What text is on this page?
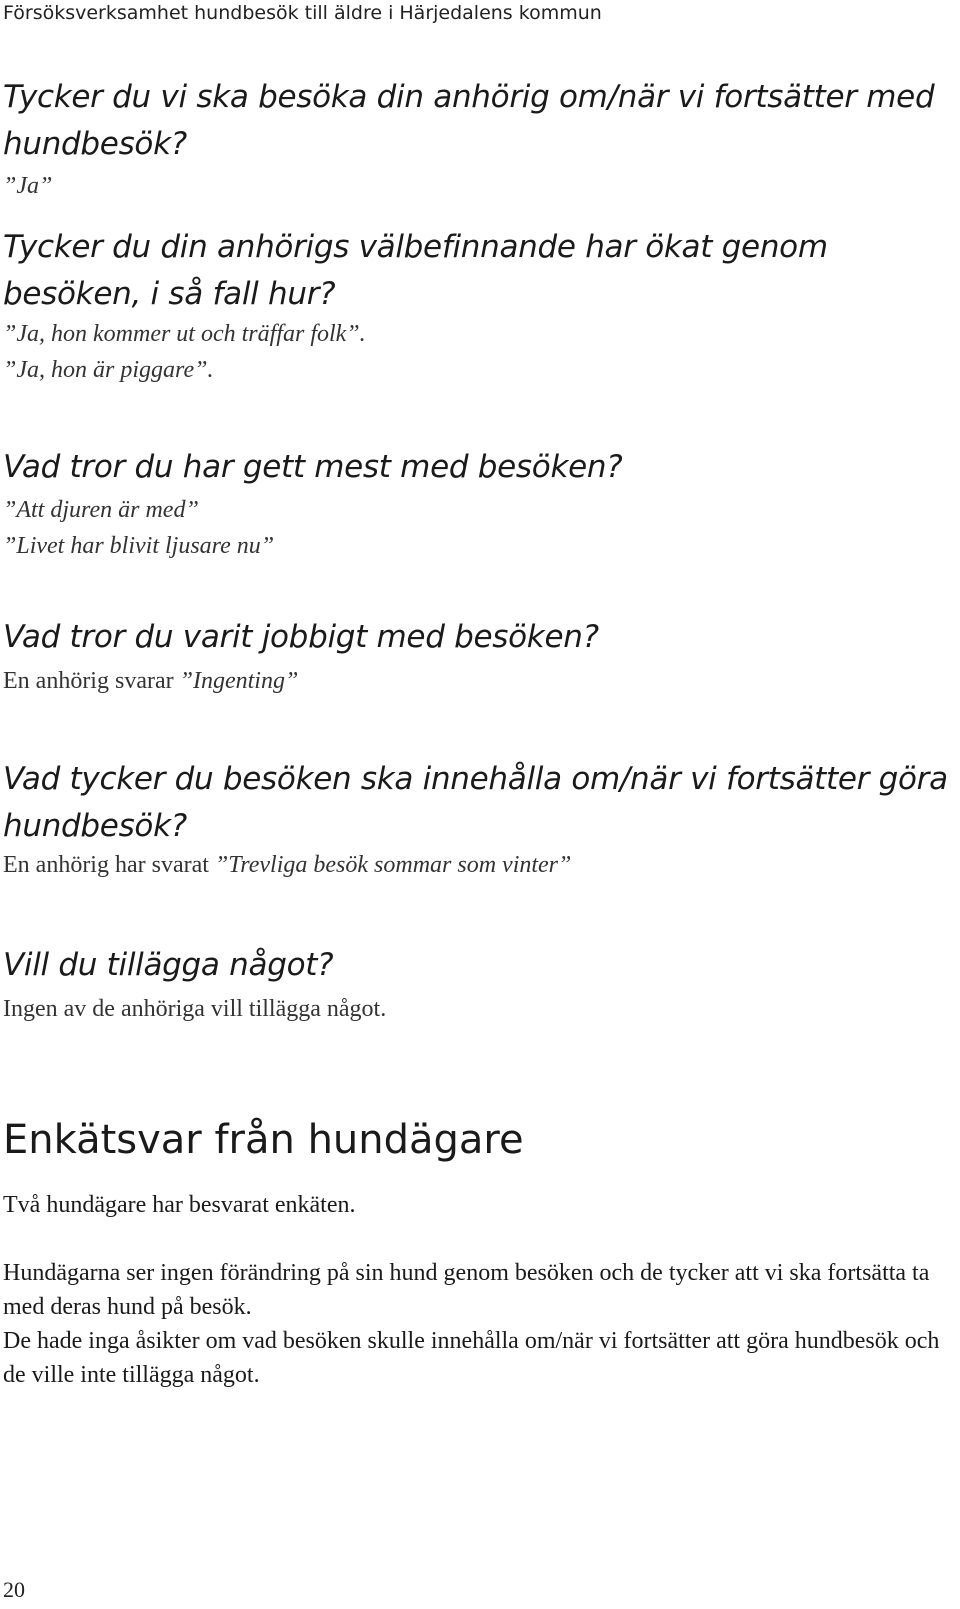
Försöksverksamhet hundbesök till äldre i Härjedalens kommun
Tycker du vi ska besöka din anhörig om/när vi fortsätter med hundbesök?
”Ja”
Tycker du din anhörigs välbefinnande har ökat genom besöken, i så fall hur?
”Ja, hon kommer ut och träffar folk”.
”Ja, hon är piggare”.
Vad tror du har gett mest med besöken?
”Att djuren är med”
”Livet har blivit ljusare nu”
Vad tror du varit jobbigt med besöken?

En anhörig svarar ”Ingenting”

Vad tycker du besöken ska innehålla om/när vi fortsätter göra hundbesök?

En anhörig har svarat ”Trevliga besök sommar som vinter”

Vill du tillägga något?

Ingen av de anhöriga vill tillägga något.

Enkätsvar från hundägare

Två hundägare har besvarat enkäten.

Hundägarna ser ingen förändring på sin hund genom besöken och de tycker att vi ska fortsätta ta med deras hund på besök.

De hade inga åsikter om vad besöken skulle innehålla om/när vi fortsätter att göra hundbesök och de ville inte tillägga något.

20
